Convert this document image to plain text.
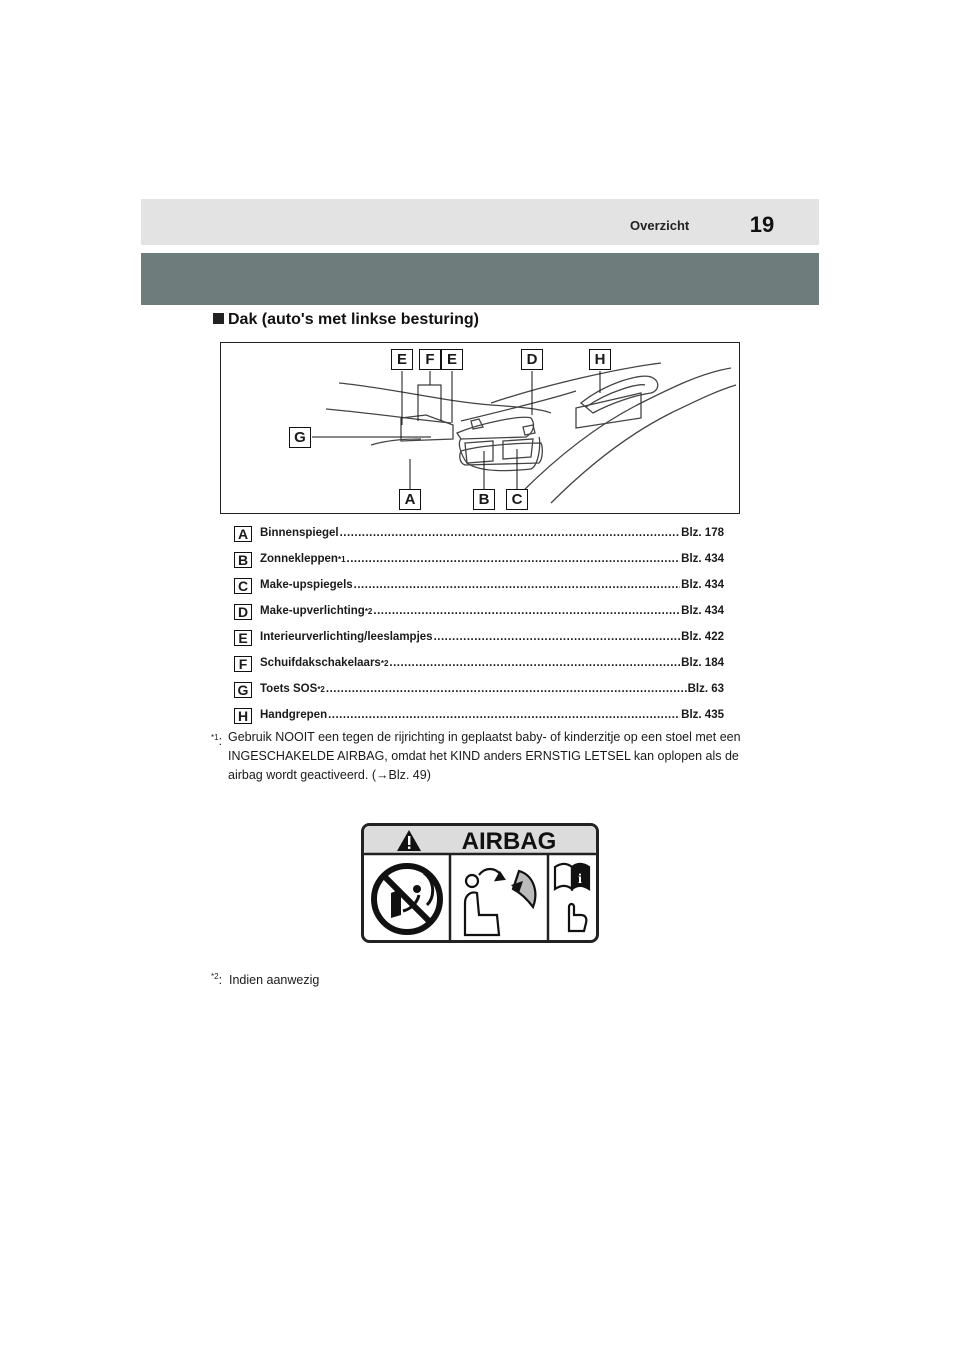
Overzicht	19
Dak (auto's met linkse besturing)
E	F E	D	H
G
A	B	C
A	Binnenspiegel .....	Blz. 178
B	Zonnekleppen *1 .....	Blz. 434
C	Make-upspiegels .....	Blz. 434
D	Make-upverlichting *2 .....	Blz. 434
E	Interieurverlichting/leeslampjes .....	Blz. 422
F	Schuifdakschakelaars *2 .....	Blz. 184
G	Toets SOS *2 .....	Blz. 63
H	Handgrepen .....	Blz. 435
$^{*1}$: Gebruik NOOIT een tegen de rijrichting in geplaatst baby- of kinderzitje op een stoel met een INGESCHAKELDE AIRBAG, omdat het KIND anders ERNSTIG LETSEL kan oplopen als de airbag wordt geactiveerd. (→Blz. 49)
AIRBAG
i
$^{*2}$:  Indien aanwezig
